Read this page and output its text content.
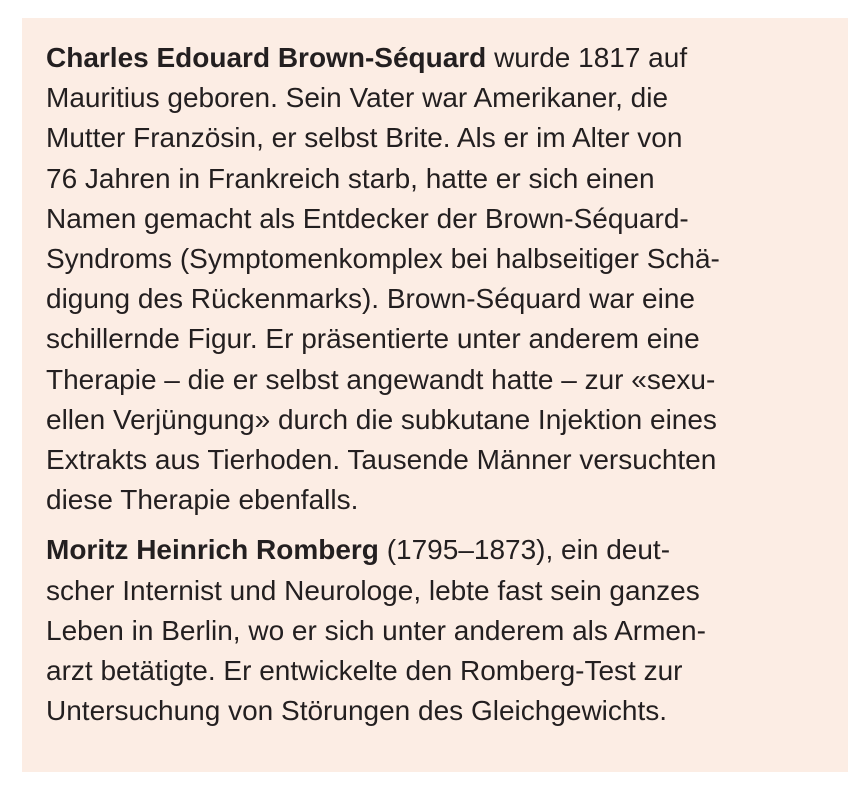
Charles Edouard Brown-Séquard wurde 1817 auf
Mauritius geboren. Sein Vater war Amerikaner, die
Mutter Französin, er selbst Brite. Als er im Alter von
76 Jahren in Frankreich starb, hatte er sich einen
Namen gemacht als Entdecker der Brown-Séquard-
Syndroms (Symptomenkomplex bei halbseitiger Schä-
digung des Rückenmarks). Brown-Séquard war eine
schillernde Figur. Er präsentierte unter anderem eine
Therapie – die er selbst angewandt hatte – zur «sexu-
ellen Verjüngung» durch die subkutane Injektion eines
Extrakts aus Tierhoden. Tausende Männer versuchten
diese Therapie ebenfalls.

Moritz Heinrich Romberg (1795–1873), ein deut-
scher Internist und Neurologe, lebte fast sein ganzes
Leben in Berlin, wo er sich unter anderem als Armen-
arzt betätigte. Er entwickelte den Romberg-Test zur
Untersuchung von Störungen des Gleichgewichts.
